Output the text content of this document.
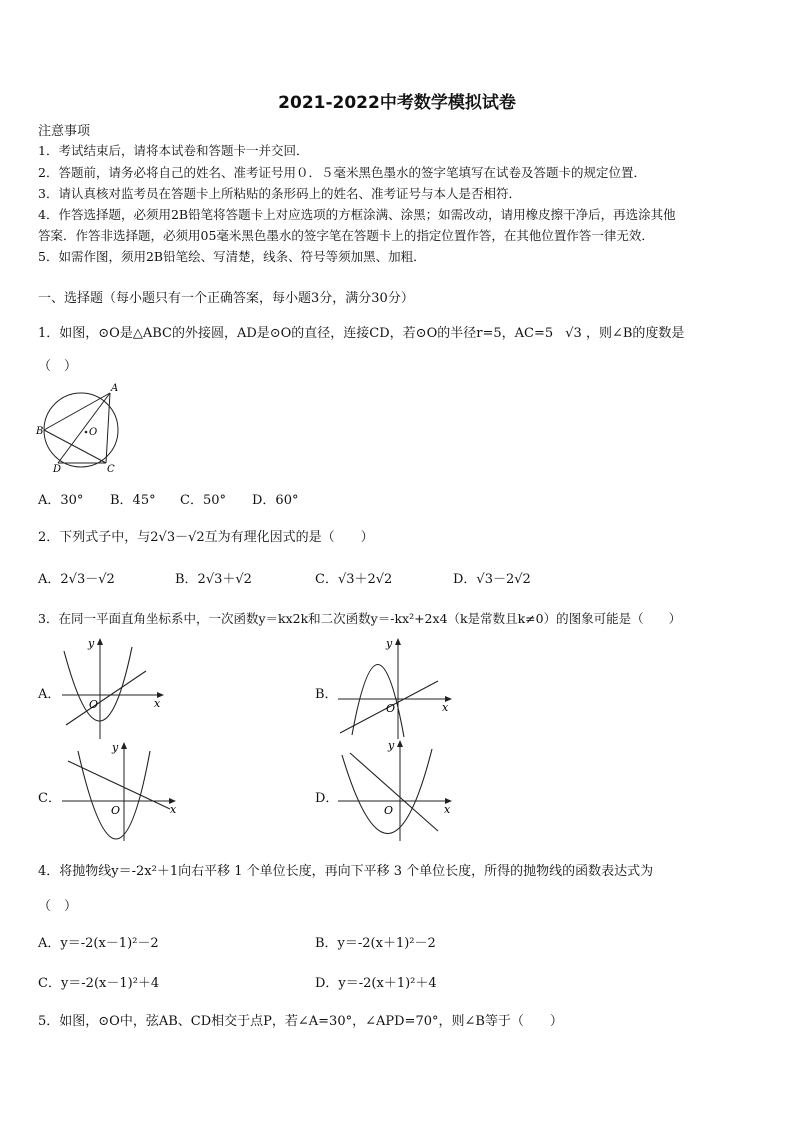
2021-2022中考数学模拟试卷
注意事项
1．考试结束后，请将本试卷和答题卡一并交回．
2．答题前，请务必将自己的姓名、准考证号用０．５毫米黑色墨水的签字笔填写在试卷及答题卡的规定位置．
3．请认真核对监考员在答题卡上所粘贴的条形码上的姓名、准考证号与本人是否相符．
4．作答选择题，必须用2B铅笔将答题卡上对应选项的方框涂满、涂黑；如需改动，请用橡皮擦干净后，再选涂其他
答案．作答非选择题，必须用05毫米黑色墨水的签字笔在答题卡上的指定位置作答，在其他位置作答一律无效．
5．如需作图，须用2B铅笔绘、写清楚，线条、符号等须加黑、加粗．
一、选择题（每小题只有一个正确答案，每小题3分，满分30分）
1．如图，⊙O是△ABC的外接圆，AD是⊙O的直径，连接CD，若⊙O的半径r=5，AC=5 √3 ，则∠B的度数是
（　）
A
B	O
D	C
A．30° B．45° C．50° D．60°
2．下列式子中，与2√3－√2互为有理化因式的是（　　）
A．2√3－√2	B．2√3＋√2	C．√3＋2√2	D．√3－2√2
3．在同一平面直角坐标系中，一次函数y＝kx2k和二次函数y＝-kx²+2x4（k是常数且k≠0）的图象可能是（　　）
A．
y
O	x
B．
y
O	x
C．
y
O	x
D．
y
O	x
4．将抛物线y＝-2x²＋1向右平移 1 个单位长度，再向下平移 3 个单位长度，所得的抛物线的函数表达式为
（　）
A．y＝-2(x－1)²－2	B．y＝-2(x＋1)²－2
C．y＝-2(x－1)²＋4	D．y＝-2(x＋1)²＋4
5．如图，⊙O中，弦AB、CD相交于点P，若∠A=30°，∠APD=70°，则∠B等于（　　）
